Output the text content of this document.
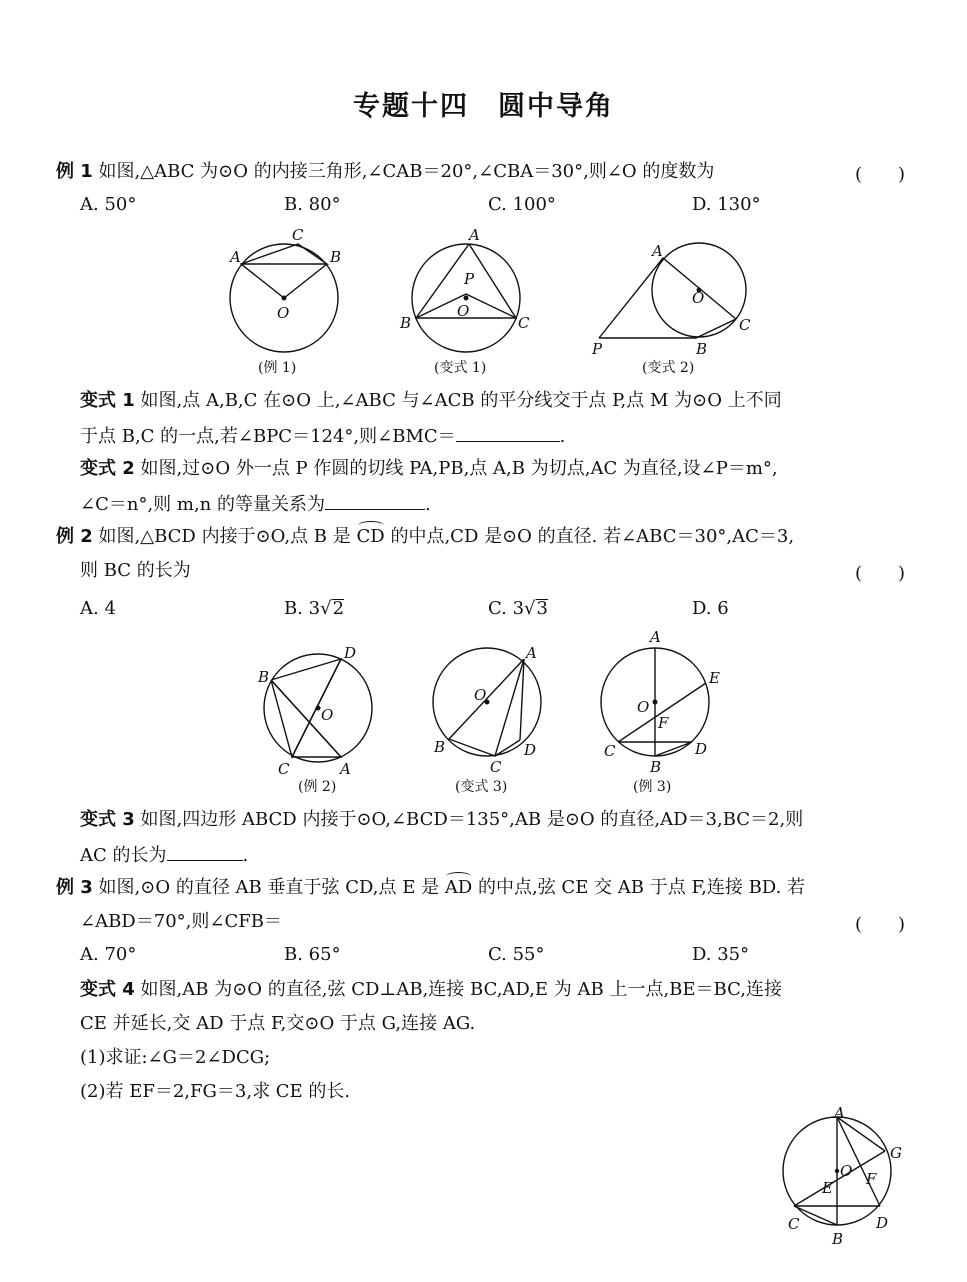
专题十四　圆中导角
例 1 如图,△ABC 为⊙O 的内接三角形,∠CAB＝20°,∠CBA＝30°,则∠O 的度数为	(　　)
A. 50°	B. 80°	C. 100°	D. 130°
A	B
C
O
(例 1)
A
B	C
P
O
(变式 1)
A
O
C
B
P
(变式 2)
变式 1 如图,点 A,B,C 在⊙O 上,∠ABC 与∠ACB 的平分线交于点 P,点 M 为⊙O 上不同
于点 B,C 的一点,若∠BPC＝124°,则∠BMC＝	.
变式 2 如图,过⊙O 外一点 P 作圆的切线 PA,PB,点 A,B 为切点,AC 为直径,设∠P＝m°,
∠C＝n°,则 m,n 的等量关系为	.
例 2 如图,△BCD 内接于⊙O,点 B 是 CD 的中点,CD 是⊙O 的直径. 若∠ABC＝30°,AC＝3,
则 BC 的长为	(　　)
A. 4	B. 3√2	C. 3√3	D. 6
D
B
O
C	A
(例 2)
A
O
B	D
C
(变式 3)
A
O
E
F
C	D
B
(例 3)
变式 3 如图,四边形 ABCD 内接于⊙O,∠BCD＝135°,AB 是⊙O 的直径,AD＝3,BC＝2,则
AC 的长为	.
例 3 如图,⊙O 的直径 AB 垂直于弦 CD,点 E 是 AD 的中点,弦 CE 交 AB 于点 F,连接 BD. 若
∠ABD＝70°,则∠CFB＝	(　　)
A. 70°	B. 65°	C. 55°	D. 35°
变式 4 如图,AB 为⊙O 的直径,弦 CD⊥AB,连接 BC,AD,E 为 AB 上一点,BE＝BC,连接
CE 并延长,交 AD 于点 F,交⊙O 于点 G,连接 AG.
(1)求证:∠G＝2∠DCG;
(2)若 EF＝2,FG＝3,求 CE 的长.
A
G
O F
E
C	D
B
